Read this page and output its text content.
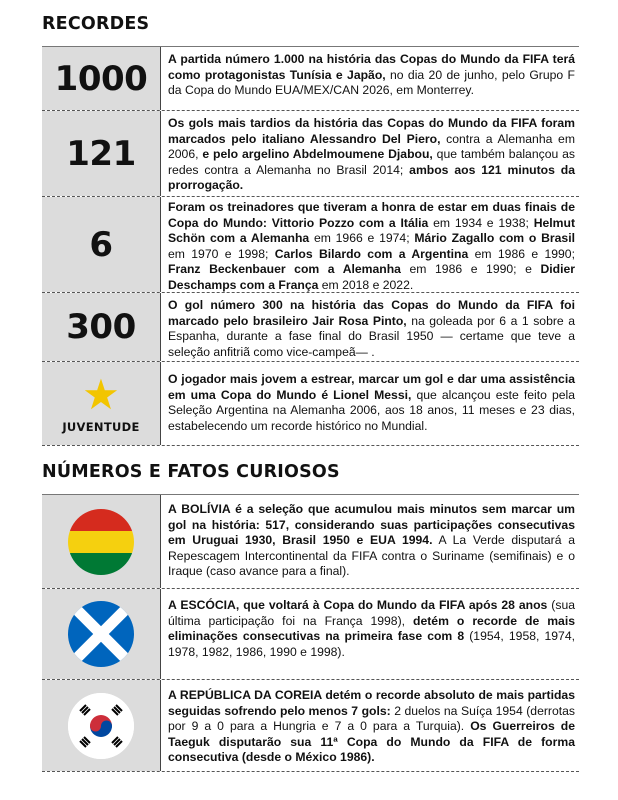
RECORDES
1000	A partida número 1.000 na história das Copas do Mundo da FIFA terá como protagonistas Tunísia e Japão, no dia 20 de junho, pelo Grupo F da Copa do Mundo EUA/MEX/CAN 2026, em Monterrey.
121
Os gols mais tardios da história das Copas do Mundo da FIFA foram marcados pelo italiano Alessandro Del Piero, contra a Alemanha em 2006, e pelo argelino Abdelmoumene Djabou, que também balançou as redes contra a Alemanha no Brasil 2014; ambos aos 121 minutos da prorrogação.
6
Foram os treinadores que tiveram a honra de estar em duas finais de Copa do Mundo: Vittorio Pozzo com a Itália em 1934 e 1938; Helmut Schön com a Alemanha em 1966 e 1974; Mário Zagallo com o Brasil em 1970 e 1998; Carlos Bilardo com a Argentina em 1986 e 1990; Franz Beckenbauer com a Alemanha em 1986 e 1990; e Didier Deschamps com a França em 2018 e 2022.
300
O gol número 300 na história das Copas do Mundo da FIFA foi marcado pelo brasileiro Jair Rosa Pinto, na goleada por 6 a 1 sobre a Espanha, durante a fase final do Brasil 1950 — certame que teve a seleção anfitriã como vice-campeã— .
★
JUVENTUDE
O jogador mais jovem a estrear, marcar um gol e dar uma assistência em uma Copa do Mundo é Lionel Messi, que alcançou este feito pela Seleção Argentina na Alemanha 2006, aos 18 anos, 11 meses e 23 dias, estabelecendo um recorde histórico no Mundial.
NÚMEROS E FATOS CURIOSOS
A BOLÍVIA é a seleção que acumulou mais minutos sem marcar um gol na história: 517, considerando suas participações consecutivas em Uruguai 1930, Brasil 1950 e EUA 1994. A La Verde disputará a Repescagem Intercontinental da FIFA contra o Suriname (semifinais) e o Iraque (caso avance para a final).
A ESCÓCIA, que voltará à Copa do Mundo da FIFA após 28 anos (sua última participação foi na França 1998), detém o recorde de mais eliminações consecutivas na primeira fase com 8 (1954, 1958, 1974, 1978, 1982, 1986, 1990 e 1998).
A REPÚBLICA DA COREIA detém o recorde absoluto de mais partidas seguidas sofrendo pelo menos 7 gols: 2 duelos na Suíça 1954 (derrotas por 9 a 0 para a Hungria e 7 a 0 para a Turquia). Os Guerreiros de Taeguk disputarão sua 11ª Copa do Mundo da FIFA de forma consecutiva (desde o México 1986).
